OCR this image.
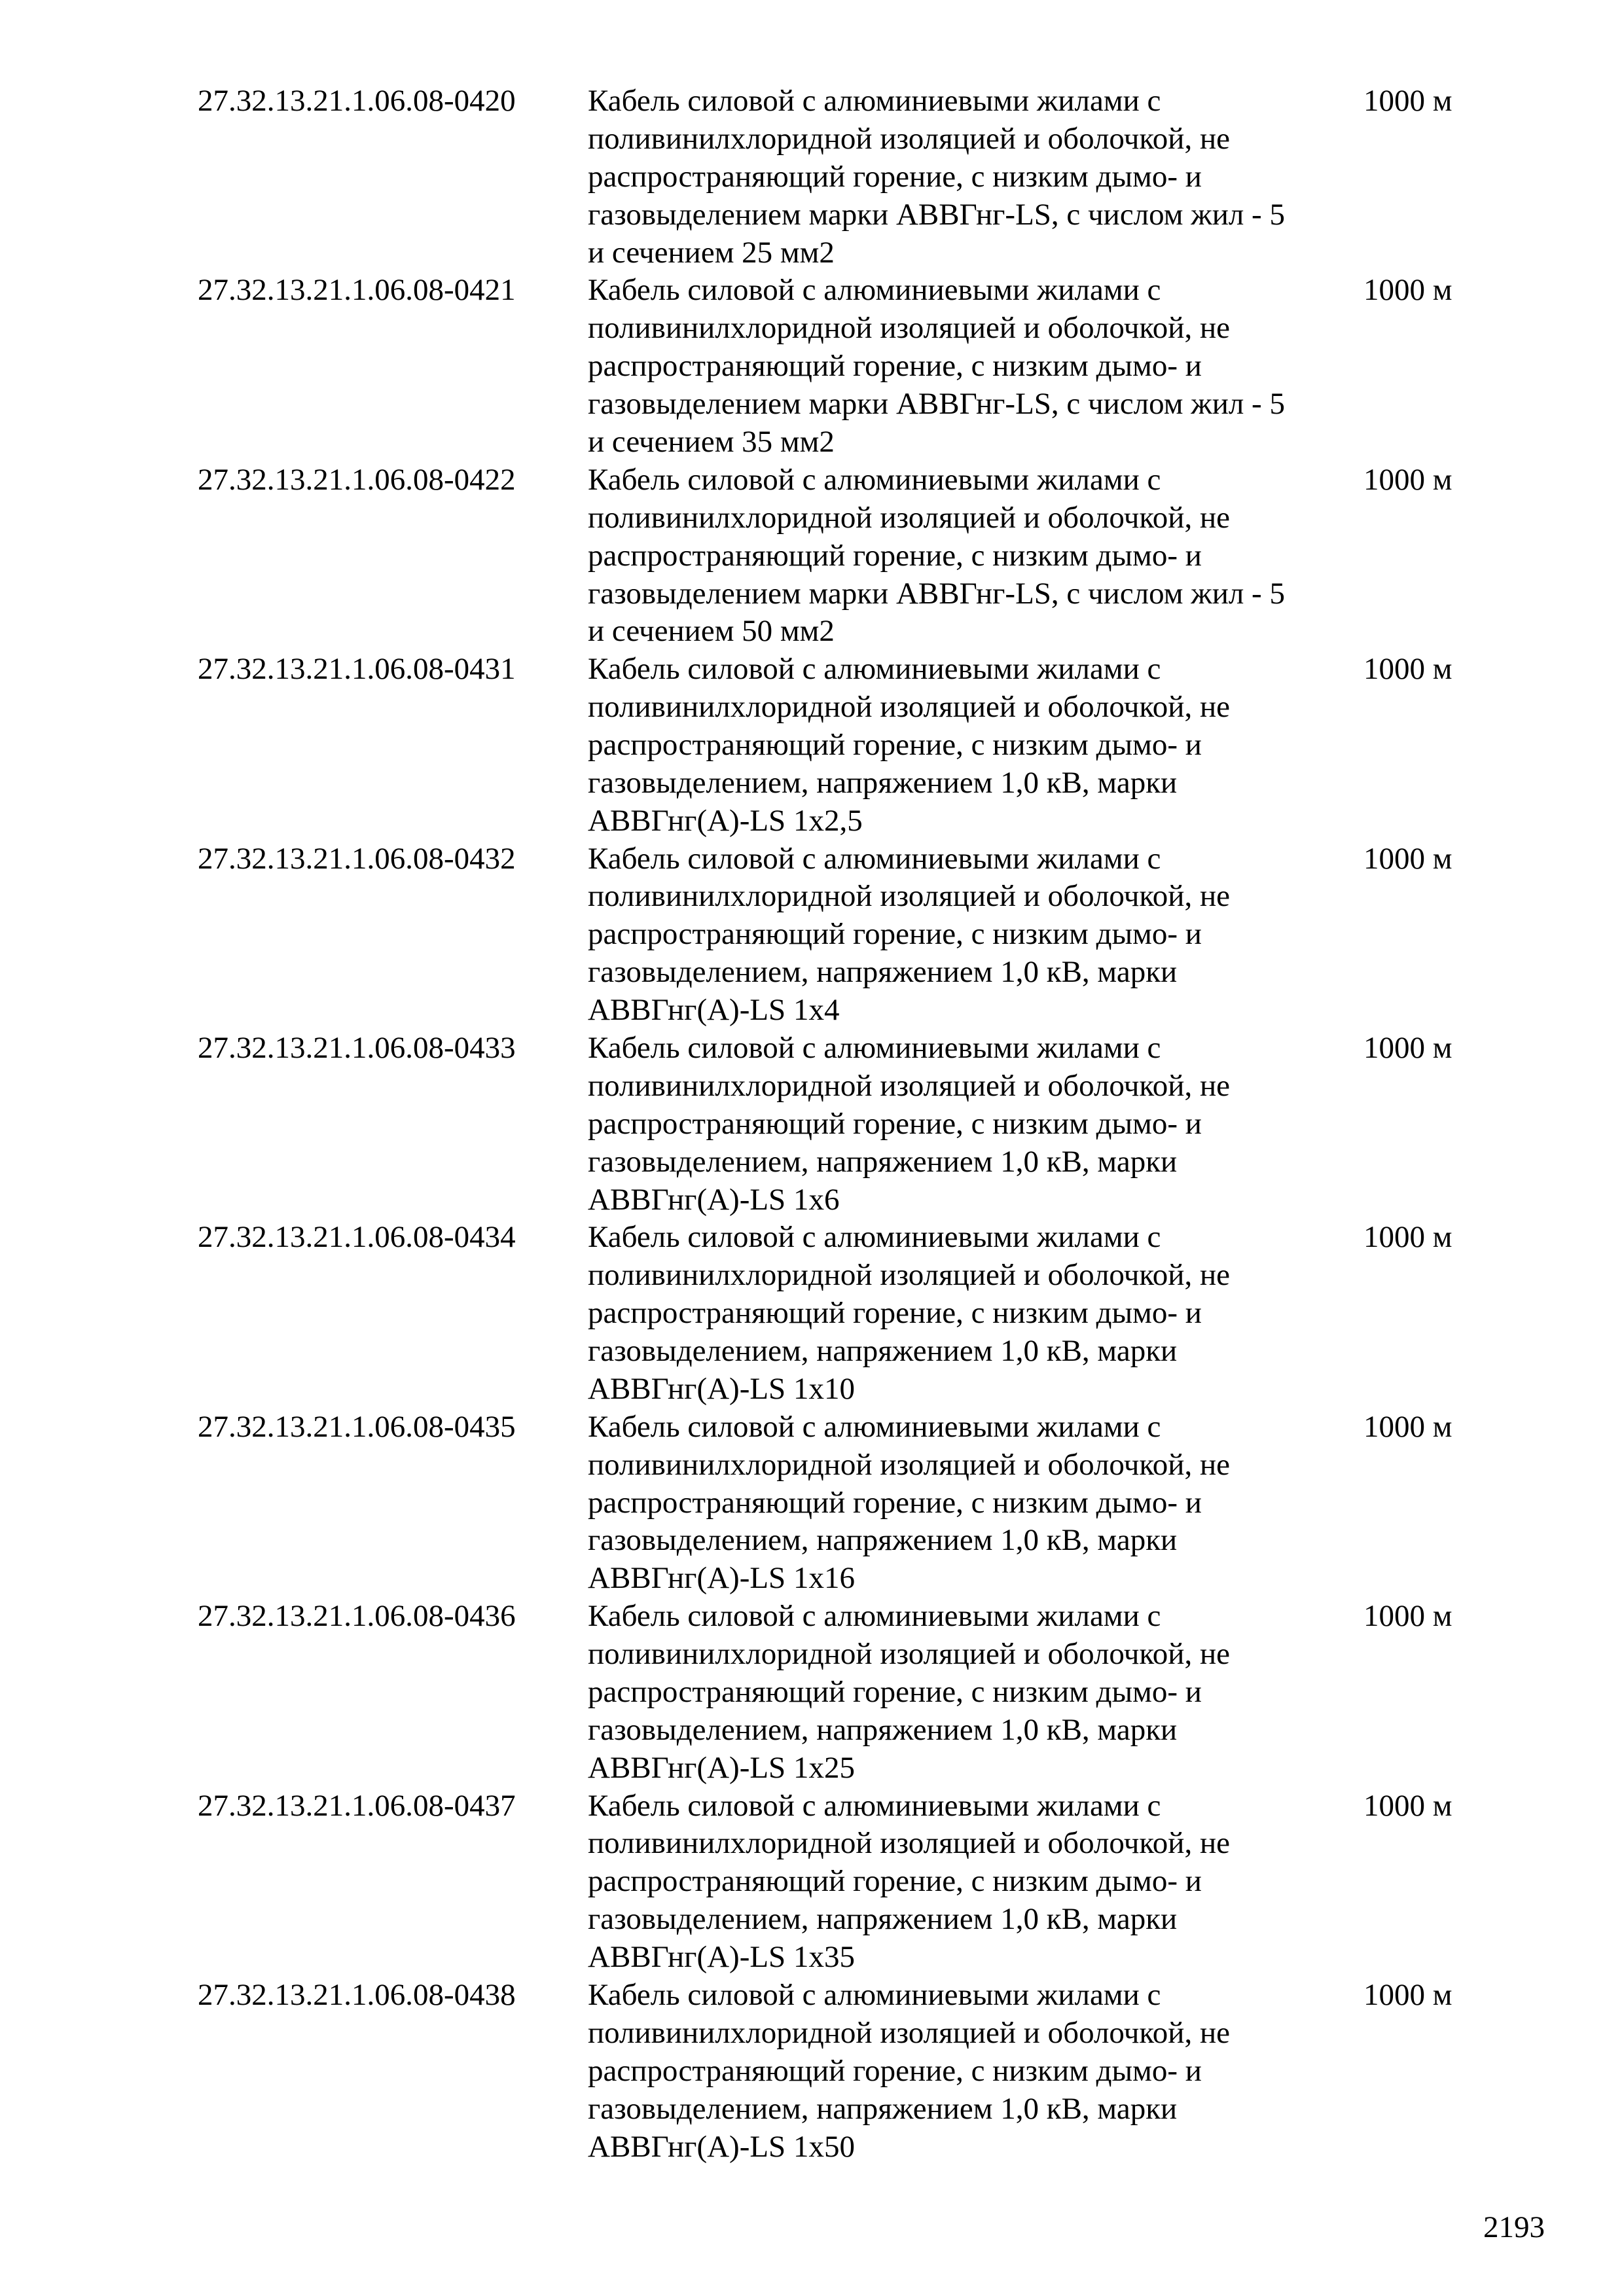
27.32.13.21.1.06.08-0420 Кабель силовой с алюминиевыми жилами с
поливинилхлоридной изоляцией и оболочкой, не
распространяющий горение, с низким дымо- и
газовыделением марки АВВГнг-LS, с числом жил - 5
и сечением 25 мм2
1000 м
27.32.13.21.1.06.08-0421 Кабель силовой с алюминиевыми жилами с
поливинилхлоридной изоляцией и оболочкой, не
распространяющий горение, с низким дымо- и
газовыделением марки АВВГнг-LS, с числом жил - 5
и сечением 35 мм2
1000 м
27.32.13.21.1.06.08-0422 Кабель силовой с алюминиевыми жилами с
поливинилхлоридной изоляцией и оболочкой, не
распространяющий горение, с низким дымо- и
газовыделением марки АВВГнг-LS, с числом жил - 5
и сечением 50 мм2
1000 м
27.32.13.21.1.06.08-0431 Кабель силовой с алюминиевыми жилами с
поливинилхлоридной изоляцией и оболочкой, не
распространяющий горение, с низким дымо- и
газовыделением, напряжением 1,0 кВ, марки
АВВГнг(А)-LS 1х2,5
1000 м
27.32.13.21.1.06.08-0432 Кабель силовой с алюминиевыми жилами с
поливинилхлоридной изоляцией и оболочкой, не
распространяющий горение, с низким дымо- и
газовыделением, напряжением 1,0 кВ, марки
АВВГнг(А)-LS 1х4
1000 м
27.32.13.21.1.06.08-0433 Кабель силовой с алюминиевыми жилами с
поливинилхлоридной изоляцией и оболочкой, не
распространяющий горение, с низким дымо- и
газовыделением, напряжением 1,0 кВ, марки
АВВГнг(А)-LS 1х6
1000 м
27.32.13.21.1.06.08-0434 Кабель силовой с алюминиевыми жилами с
поливинилхлоридной изоляцией и оболочкой, не
распространяющий горение, с низким дымо- и
газовыделением, напряжением 1,0 кВ, марки
АВВГнг(А)-LS 1х10
1000 м
27.32.13.21.1.06.08-0435 Кабель силовой с алюминиевыми жилами с
поливинилхлоридной изоляцией и оболочкой, не
распространяющий горение, с низким дымо- и
газовыделением, напряжением 1,0 кВ, марки
АВВГнг(А)-LS 1х16
1000 м
27.32.13.21.1.06.08-0436 Кабель силовой с алюминиевыми жилами с
поливинилхлоридной изоляцией и оболочкой, не
распространяющий горение, с низким дымо- и
газовыделением, напряжением 1,0 кВ, марки
АВВГнг(А)-LS 1х25
1000 м
27.32.13.21.1.06.08-0437 Кабель силовой с алюминиевыми жилами с
поливинилхлоридной изоляцией и оболочкой, не
распространяющий горение, с низким дымо- и
газовыделением, напряжением 1,0 кВ, марки
АВВГнг(А)-LS 1х35
1000 м
27.32.13.21.1.06.08-0438 Кабель силовой с алюминиевыми жилами с
поливинилхлоридной изоляцией и оболочкой, не
распространяющий горение, с низким дымо- и
газовыделением, напряжением 1,0 кВ, марки
АВВГнг(А)-LS 1х50
1000 м
2193
